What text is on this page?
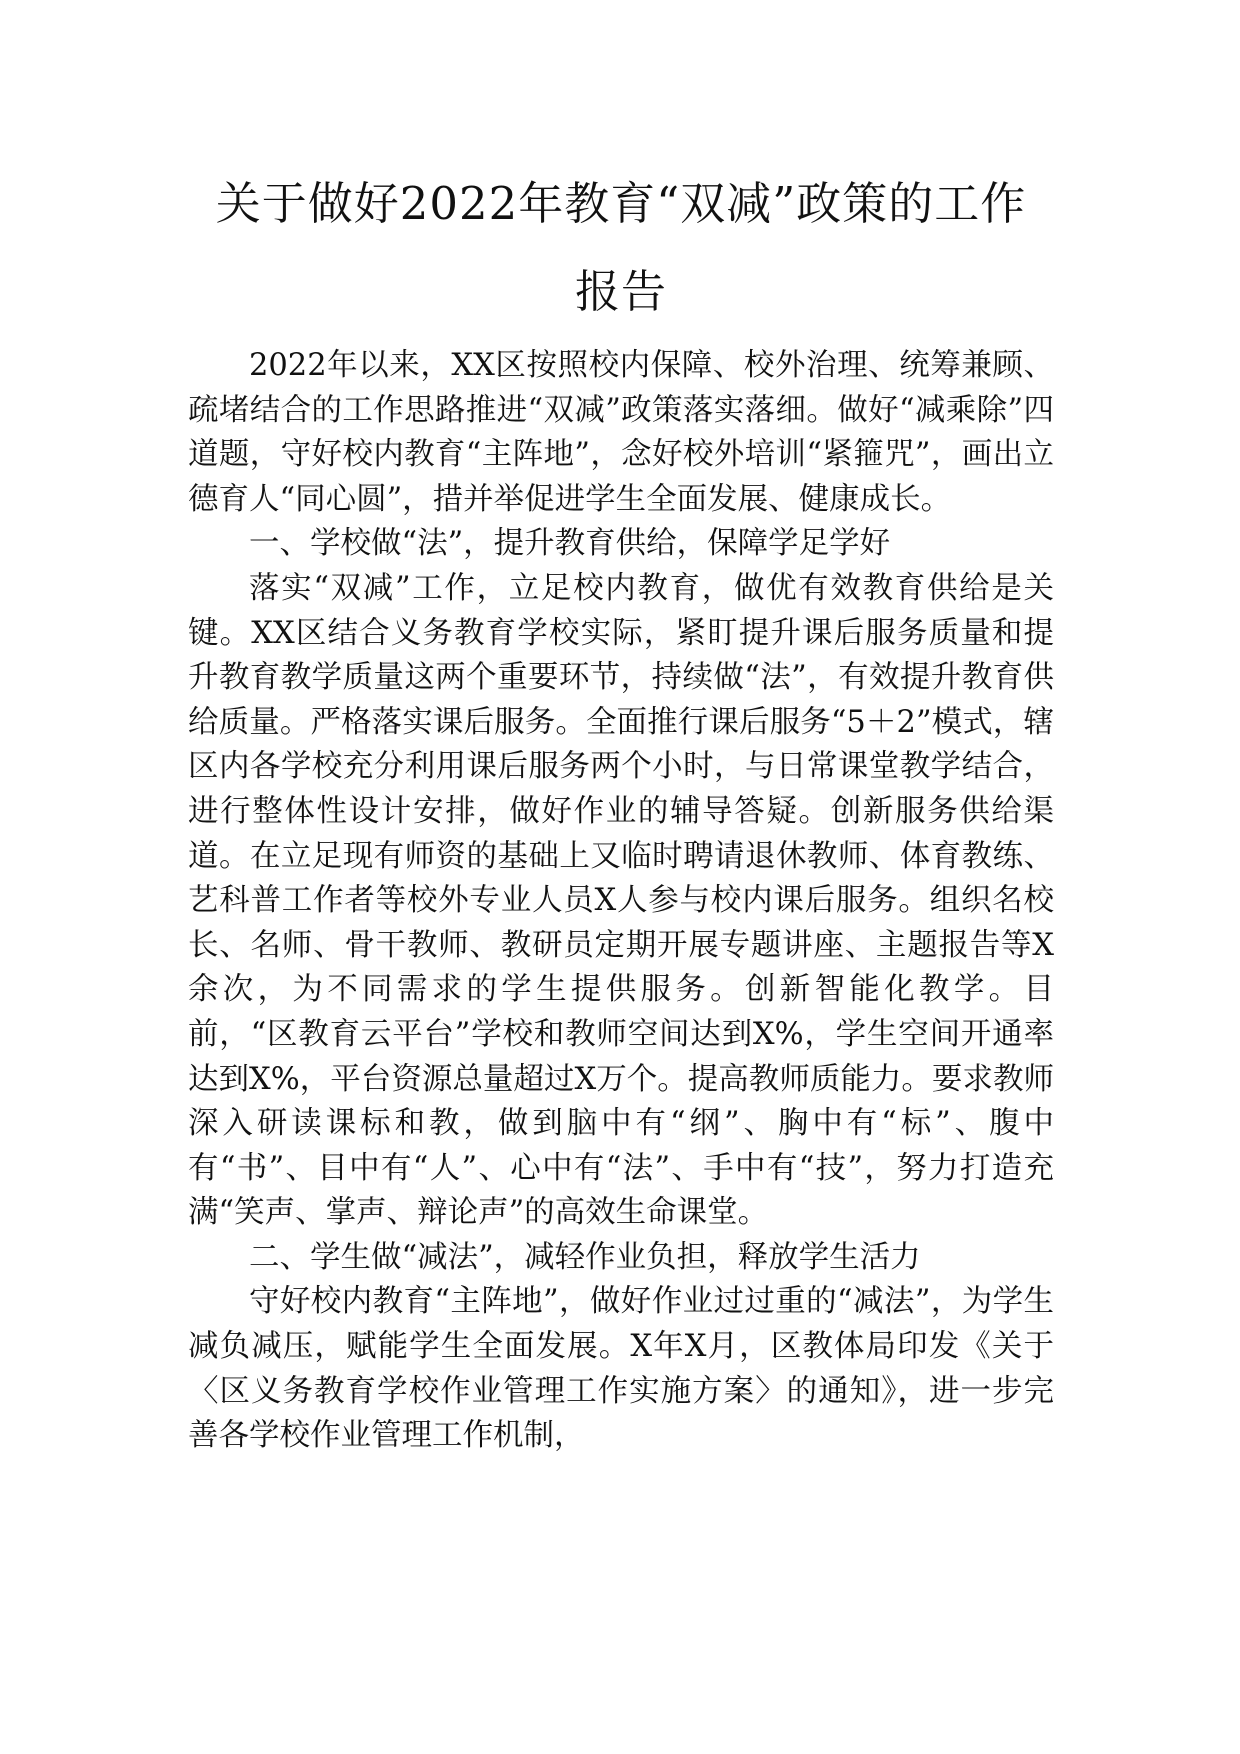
关于做好2022年教育“双减”政策的工作
报告

2022年以来，XX区按照校内保障、校外治理、统筹兼顾、疏堵结合的工作思路推进“双减”政策落实落细。做好“减乘除”四道题，守好校内教育“主阵地”，念好校外培训“紧箍咒”，画出立德育人“同心圆”，措并举促进学生全面发展、健康成长。

一、学校做“法”，提升教育供给，保障学足学好

落实“双减”工作，立足校内教育，做优有效教育供给是关键。XX区结合义务教育学校实际，紧盯提升课后服务质量和提升教育教学质量这两个重要环节，持续做“法”，有效提升教育供给质量。严格落实课后服务。全面推行课后服务“5＋2”模式，辖区内各学校充分利用课后服务两个小时，与日常课堂教学结合，进行整体性设计安排，做好作业的辅导答疑。创新服务供给渠道。在立足现有师资的基础上又临时聘请退休教师、体育教练、艺科普工作者等校外专业人员X人参与校内课后服务。组织名校长、名师、骨干教师、教研员定期开展专题讲座、主题报告等X余次，为不同需求的学生提供服务。创新智能化教学。目前，“区教育云平台”学校和教师空间达到X%，学生空间开通率达到X%，平台资源总量超过X万个。提高教师质能力。要求教师深入研读课标和教，做到脑中有“纲”、胸中有“标”、腹中有“书”、目中有“人”、心中有“法”、手中有“技”，努力打造充满“笑声、掌声、辩论声”的高效生命课堂。

二、学生做“减法”，减轻作业负担，释放学生活力

守好校内教育“主阵地”，做好作业过过重的“减法”，为学生减负减压，赋能学生全面发展。X年X月，区教体局印发《关于〈区义务教育学校作业管理工作实施方案〉的通知》，进一步完善各学校作业管理工作机制，
